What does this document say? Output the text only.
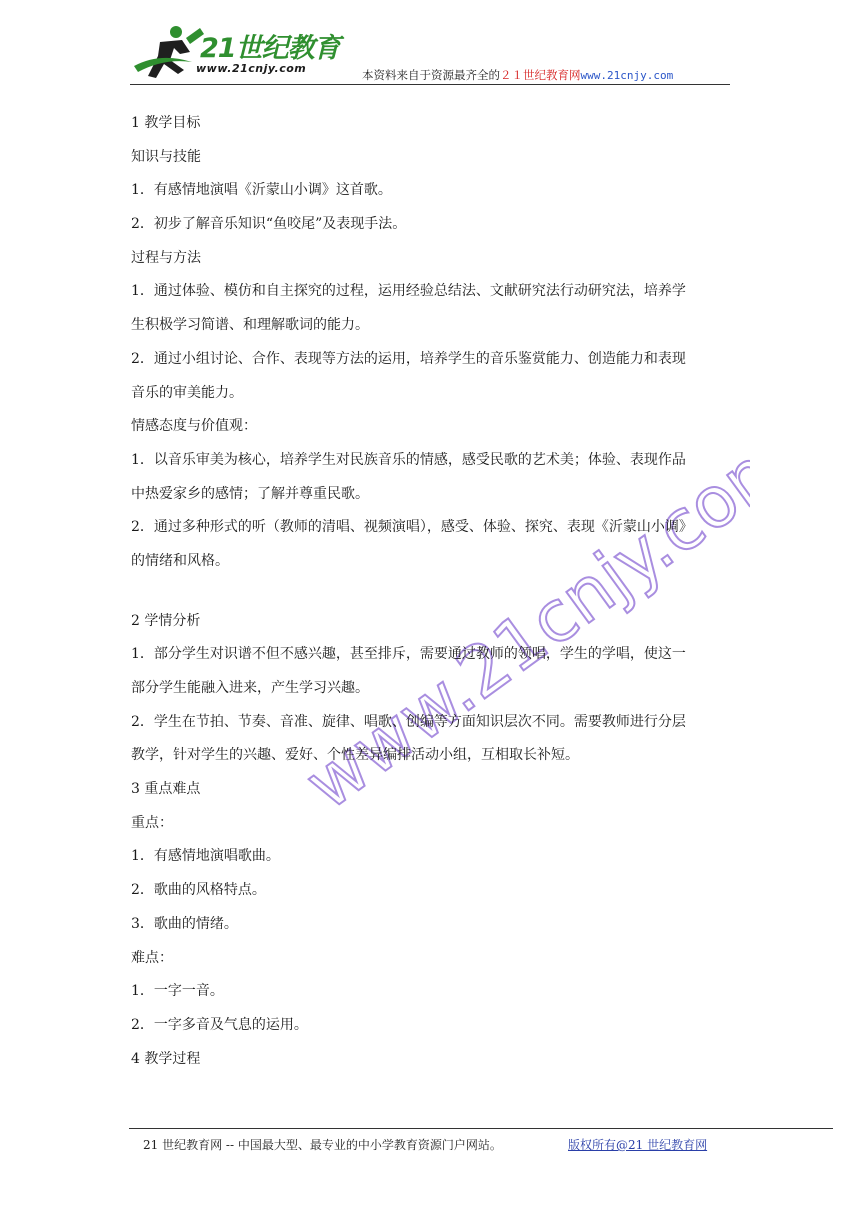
21世纪教育
www.21cnjy.com	本资料来自于资源最齐全的２１世纪教育网www.21cnjy.com
www.21cnjy.com
1 教学目标
知识与技能
1．有感情地演唱《沂蒙山小调》这首歌。
2．初步了解音乐知识“鱼咬尾”及表现手法。
过程与方法
1．通过体验、模仿和自主探究的过程，运用经验总结法、文献研究法行动研究法，培养学
生积极学习简谱、和理解歌词的能力。
2．通过小组讨论、合作、表现等方法的运用，培养学生的音乐鉴赏能力、创造能力和表现
音乐的审美能力。
情感态度与价值观：
1．以音乐审美为核心，培养学生对民族音乐的情感，感受民歌的艺术美；体验、表现作品
中热爱家乡的感情；了解并尊重民歌。
2．通过多种形式的听（教师的清唱、视频演唱），感受、体验、探究、表现《沂蒙山小调》
的情绪和风格。
2 学情分析
1．部分学生对识谱不但不感兴趣，甚至排斥，需要通过教师的领唱，学生的学唱，使这一
部分学生能融入进来，产生学习兴趣。
2．学生在节拍、节奏、音准、旋律、唱歌、创编等方面知识层次不同。需要教师进行分层
教学，针对学生的兴趣、爱好、个性差异编排活动小组，互相取长补短。
3 重点难点
重点：
1．有感情地演唱歌曲。
2．歌曲的风格特点。
3．歌曲的情绪。
难点：
1．一字一音。
2．一字多音及气息的运用。
4 教学过程
21 世纪教育网 -- 中国最大型、最专业的中小学教育资源门户网站。	版权所有@21 世纪教育网
